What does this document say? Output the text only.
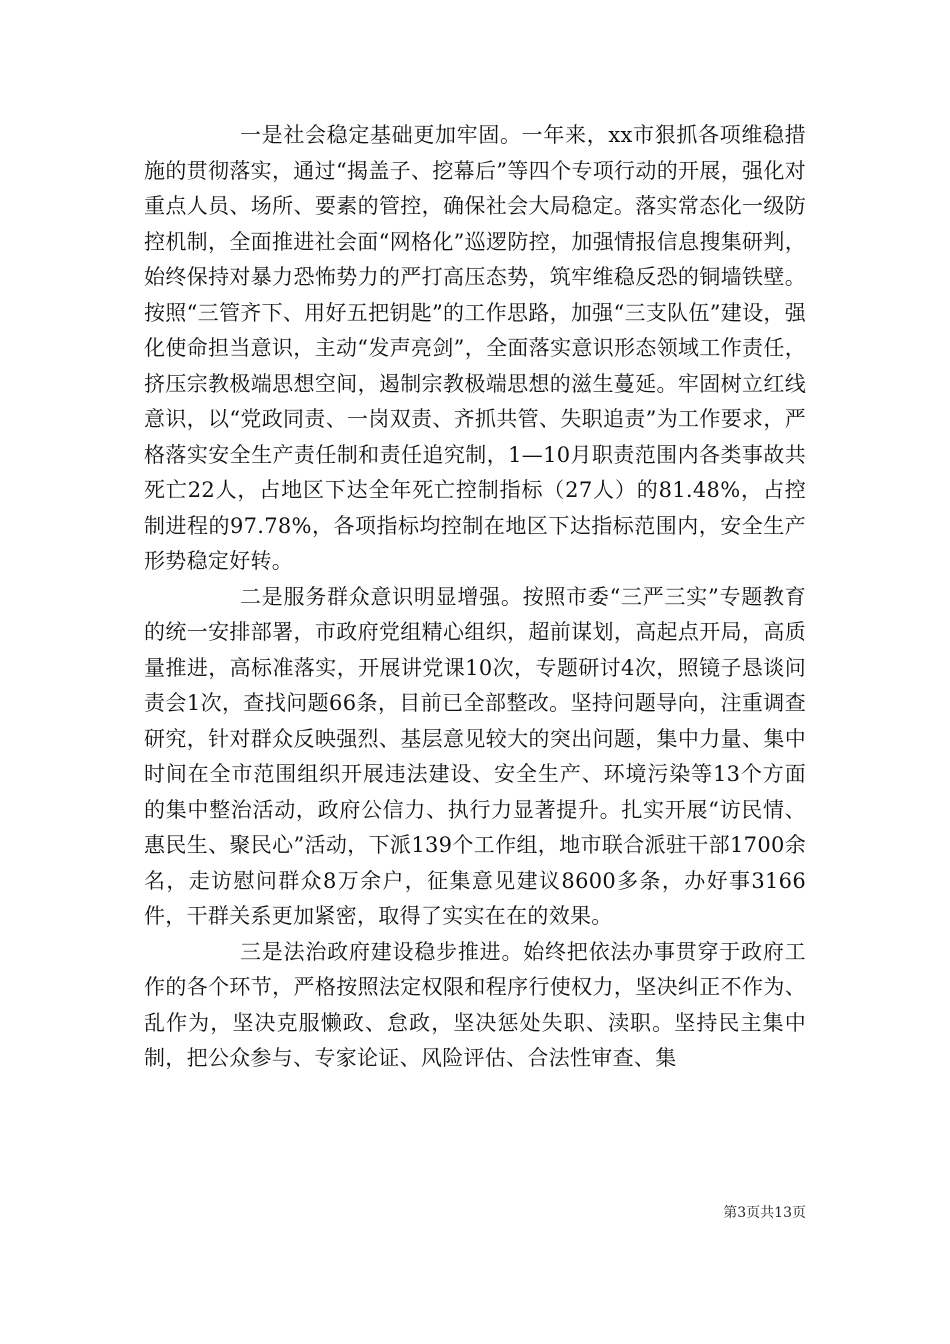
一是社会稳定基础更加牢固。一年来，xx市狠抓各项维稳措施的贯彻落实，通过“揭盖子、挖幕后”等四个专项行动的开展，强化对重点人员、场所、要素的管控，确保社会大局稳定。落实常态化一级防控机制，全面推进社会面“网格化”巡逻防控，加强情报信息搜集研判，始终保持对暴力恐怖势力的严打高压态势，筑牢维稳反恐的铜墙铁壁。按照“三管齐下、用好五把钥匙”的工作思路，加强“三支队伍”建设，强化使命担当意识，主动“发声亮剑”，全面落实意识形态领域工作责任，挤压宗教极端思想空间，遏制宗教极端思想的滋生蔓延。牢固树立红线意识，以“党政同责、一岗双责、齐抓共管、失职追责”为工作要求，严格落实安全生产责任制和责任追究制，1—10月职责范围内各类事故共死亡22人，占地区下达全年死亡控制指标（27人）的81.48%，占控制进程的97.78%，各项指标均控制在地区下达指标范围内，安全生产形势稳定好转。

二是服务群众意识明显增强。按照市委“三严三实”专题教育的统一安排部署，市政府党组精心组织，超前谋划，高起点开局，高质量推进，高标准落实，开展讲党课10次，专题研讨4次，照镜子恳谈问责会1次，查找问题66条，目前已全部整改。坚持问题导向，注重调查研究，针对群众反映强烈、基层意见较大的突出问题，集中力量、集中时间在全市范围组织开展违法建设、安全生产、环境污染等13个方面的集中整治活动，政府公信力、执行力显著提升。扎实开展“访民情、惠民生、聚民心”活动，下派139个工作组，地市联合派驻干部1700余名，走访慰问群众8万余户，征集意见建议8600多条，办好事3166件，干群关系更加紧密，取得了实实在在的效果。

三是法治政府建设稳步推进。始终把依法办事贯穿于政府工作的各个环节，严格按照法定权限和程序行使权力，坚决纠正不作为、乱作为，坚决克服懒政、怠政，坚决惩处失职、渎职。坚持民主集中制，把公众参与、专家论证、风险评估、合法性审查、集

第3页共13页
